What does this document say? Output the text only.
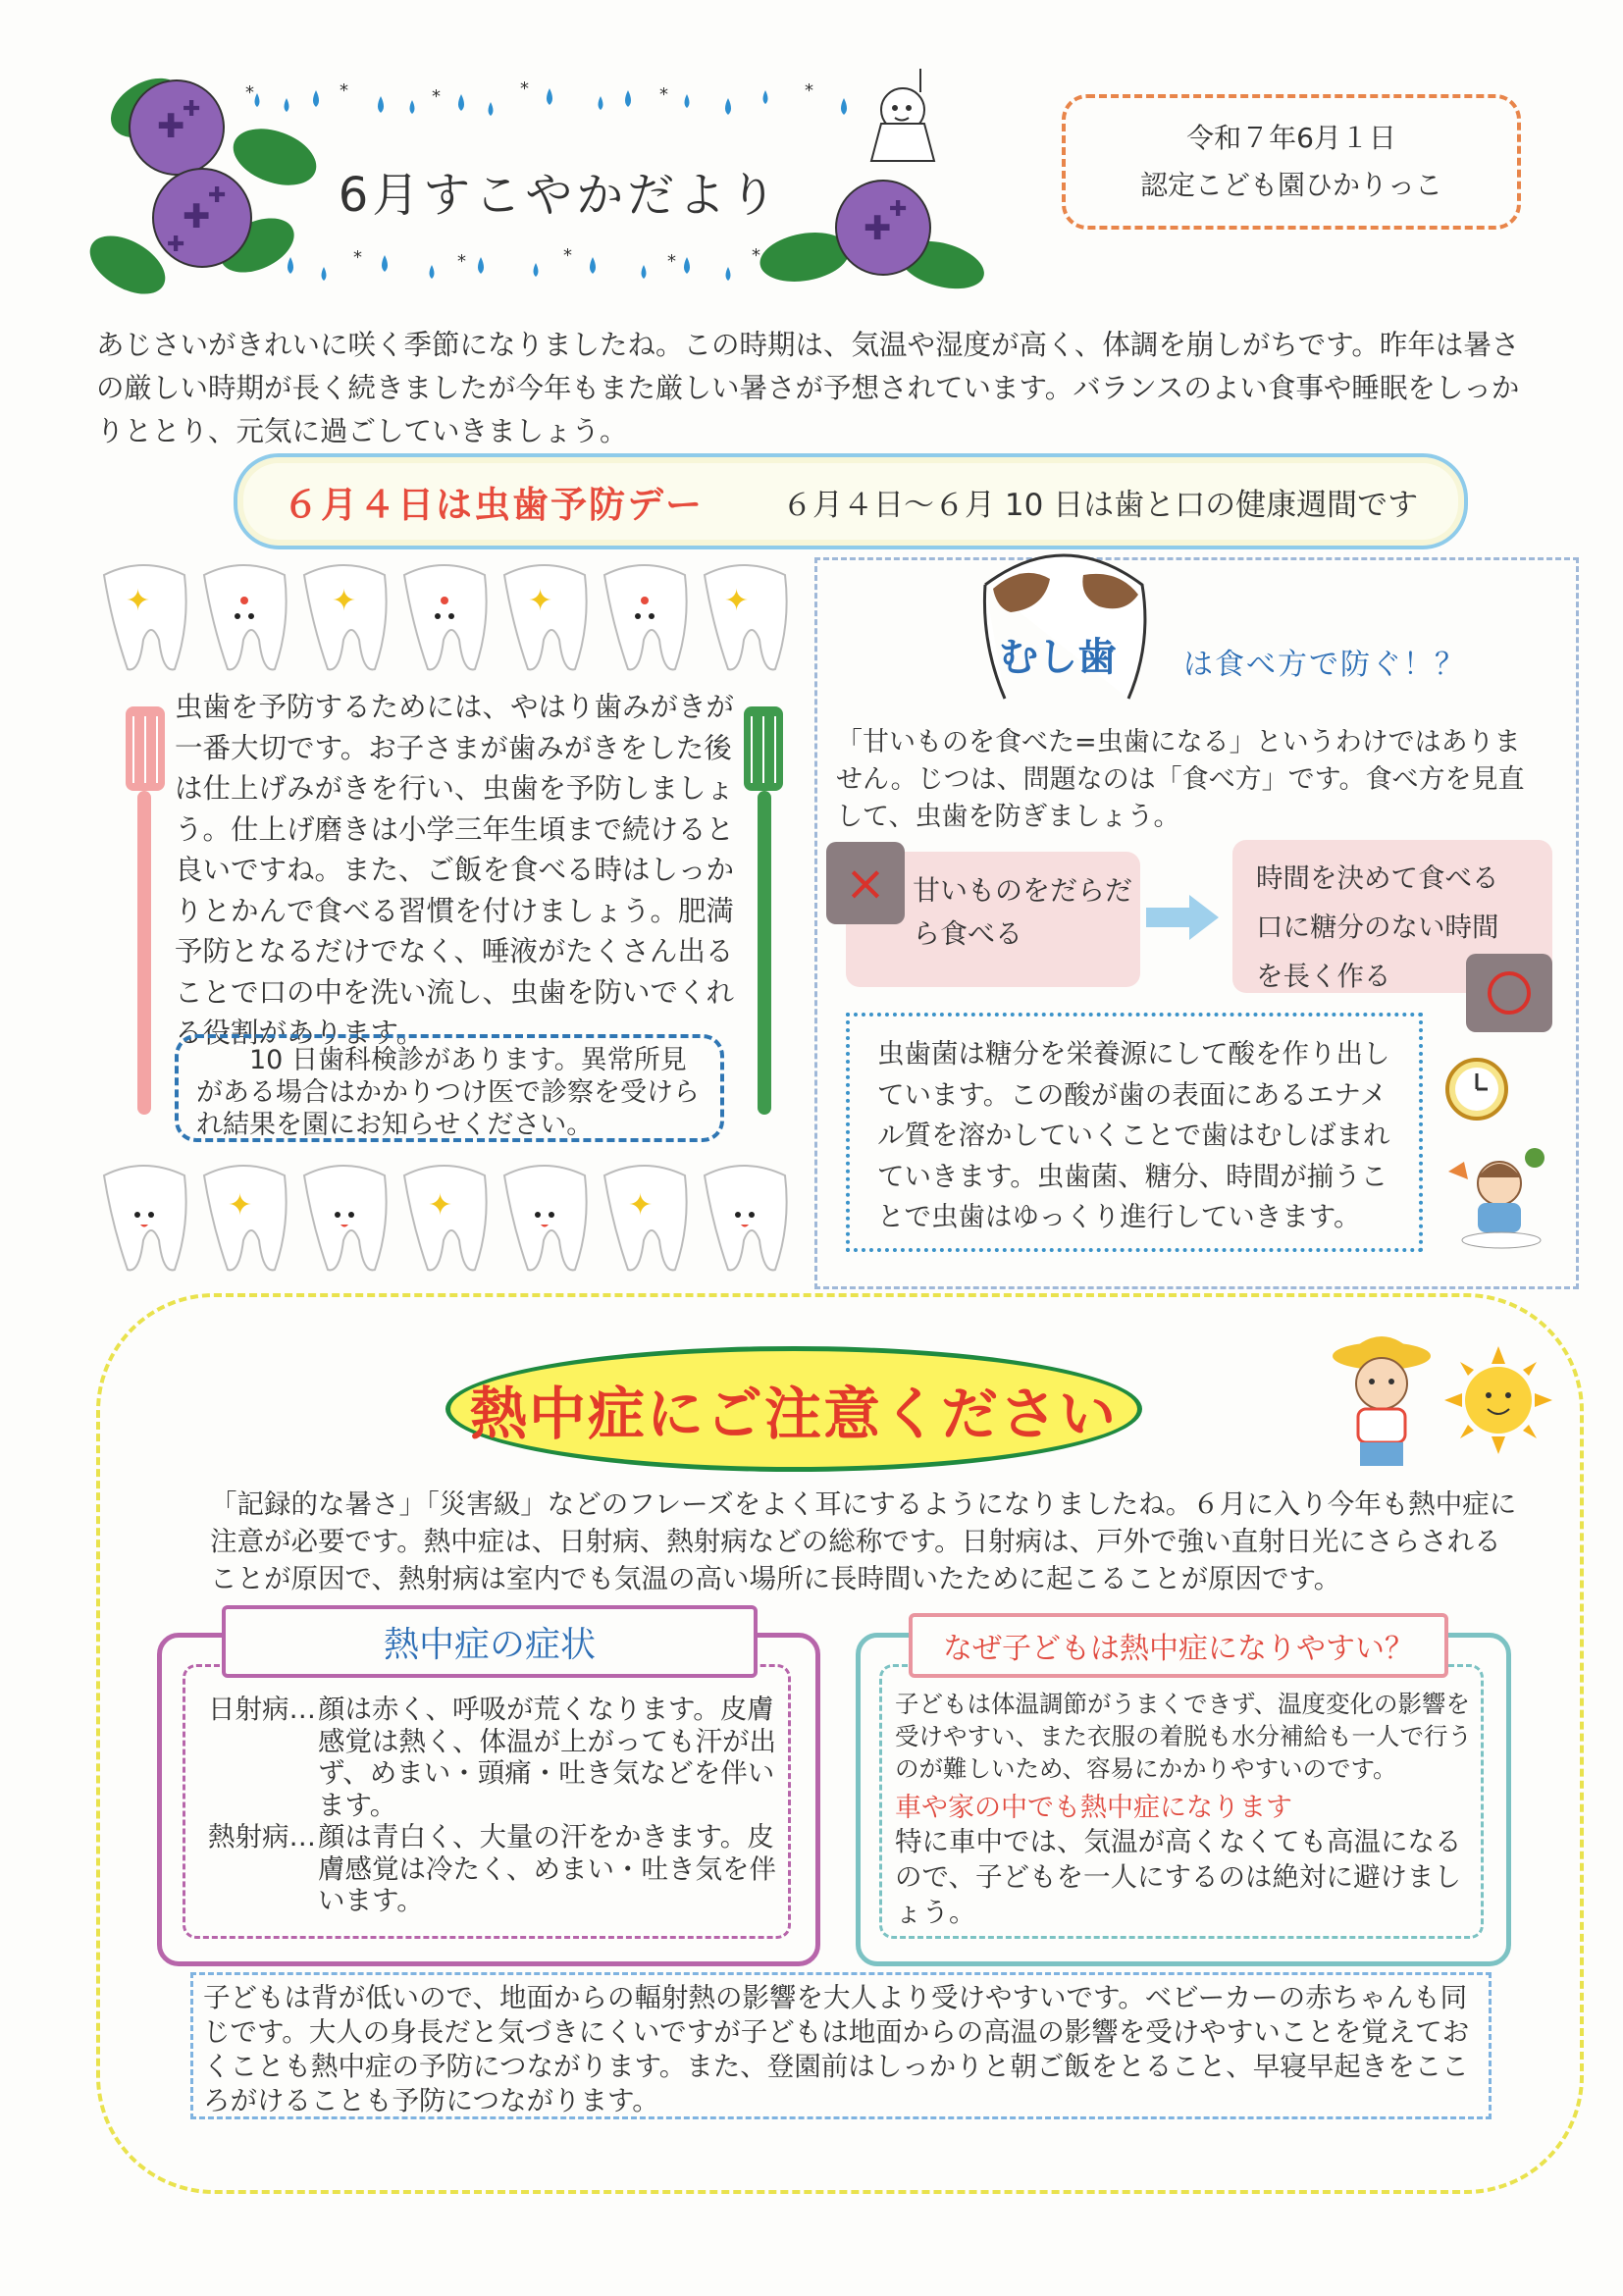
*	*	*	*	*	*
*	*	*	*	*
✚
✚
✚
✚
✚	✚
✚
6月すこやかだより
令和７年6月１日
認定こども園ひかりっこ
あじさいがきれいに咲く季節になりましたね。この時期は、気温や湿度が高く、体調を崩しがちです。昨年は暑さの厳しい時期が長く続きましたが今年もまた厳しい暑さが予想されています。バランスのよい食事や睡眠をしっかりととり、元気に過ごしていきましょう。
６月４日は虫歯予防デー	６月４日〜６月 10 日は歯と口の健康週間です
✦	✦	✦	✦
✦	✦	✦
虫歯を予防するためには、やはり歯みがきが一番大切です。お子さまが歯みがきをした後は仕上げみがきを行い、虫歯を予防しましょう。仕上げ磨きは小学三年生頃まで続けると良いですね。また、ご飯を食べる時はしっかりとかんで食べる習慣を付けましょう。肥満予防となるだけでなく、唾液がたくさん出ることで口の中を洗い流し、虫歯を防いでくれる役割があります。
10 日歯科検診があります。異常所見がある場合はかかりつけ医で診察を受けられ結果を園にお知らせください。
むし歯 は食べ方で防ぐ！？
「甘いものを食べた=虫歯になる」というわけではありません。じつは、問題なのは「食べ方」です。食べ方を見直して、虫歯を防ぎましょう。
× 甘いものをだらだら食べる
時間を決めて食べる
口に糖分のない時間
を長く作る
虫歯菌は糖分を栄養源にして酸を作り出しています。この酸が歯の表面にあるエナメル質を溶かしていくことで歯はむしばまれていきます。虫歯菌、糖分、時間が揃うことで虫歯はゆっくり進行していきます。
熱中症にご注意ください
「記録的な暑さ」「災害級」などのフレーズをよく耳にするようになりましたね。６月に入り今年も熱中症に注意が必要です。熱中症は、日射病、熱射病などの総称です。日射病は、戸外で強い直射日光にさらされることが原因で、熱射病は室内でも気温の高い場所に長時間いたために起こることが原因です。
熱中症の症状
日射病… 顔は赤く、呼吸が荒くなります。皮膚感覚は熱く、体温が上がっても汗が出ず、めまい・頭痛・吐き気などを伴います。
熱射病… 顔は青白く、大量の汗をかきます。皮膚感覚は冷たく、めまい・吐き気を伴います。
なぜ子どもは熱中症になりやすい？
子どもは体温調節がうまくできず、温度変化の影響を受けやすい、また衣服の着脱も水分補給も一人で行うのが難しいため、容易にかかりやすいのです。
車や家の中でも熱中症になります
特に車中では、気温が高くなくても高温になるので、子どもを一人にするのは絶対に避けましょう。
子どもは背が低いので、地面からの輻射熱の影響を大人より受けやすいです。ベビーカーの赤ちゃんも同じです。大人の身長だと気づきにくいですが子どもは地面からの高温の影響を受けやすいことを覚えておくことも熱中症の予防につながります。また、登園前はしっかりと朝ご飯をとること、早寝早起きをこころがけることも予防につながります。
